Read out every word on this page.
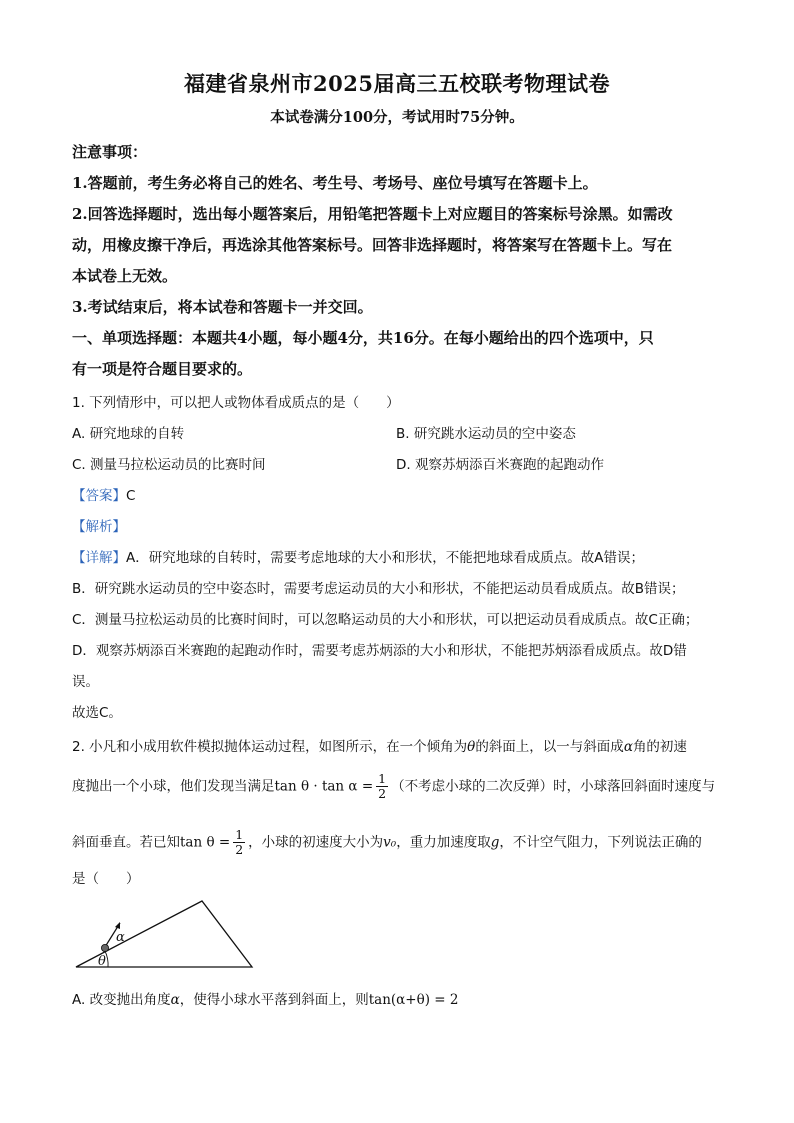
福建省泉州市2025届高三五校联考物理试卷
本试卷满分100分，考试用时75分钟。
注意事项：
1.答题前，考生务必将自己的姓名、考生号、考场号、座位号填写在答题卡上。
2.回答选择题时，选出每小题答案后，用铅笔把答题卡上对应题目的答案标号涂黑。如需改
动，用橡皮擦干净后，再选涂其他答案标号。回答非选择题时，将答案写在答题卡上。写在
本试卷上无效。
3.考试结束后，将本试卷和答题卡一并交回。
一、单项选择题：本题共4小题，每小题4分，共16分。在每小题给出的四个选项中，只
有一项是符合题目要求的。
1. 下列情形中，可以把人或物体看成质点的是（　　）
A. 研究地球的自转	B. 研究跳水运动员的空中姿态
C. 测量马拉松运动员的比赛时间	D. 观察苏炳添百米赛跑的起跑动作
【答案】C
【解析】
【详解】A．研究地球的自转时，需要考虑地球的大小和形状，不能把地球看成质点。故A错误；
B．研究跳水运动员的空中姿态时，需要考虑运动员的大小和形状，不能把运动员看成质点。故B错误；
C．测量马拉松运动员的比赛时间时，可以忽略运动员的大小和形状，可以把运动员看成质点。故C正确；
D．观察苏炳添百米赛跑的起跑动作时，需要考虑苏炳添的大小和形状，不能把苏炳添看成质点。故D错
误。
故选C。
2. 小凡和小成用软件模拟抛体运动过程，如图所示，在一个倾角为θ的斜面上，以一与斜面成α角的初速
度抛出一个小球，他们发现当满足$\tan \theta \cdot \tan \alpha = \frac{1}{2}$ （不考虑小球的二次反弹）时，小球落回斜面时速度与
斜面垂直。若已知$\tan \theta = \frac{1}{2}$ ，小球的初速度大小为v₀，重力加速度取g，不计空气阻力，下列说法正确的
是（　　）
α
θ
A. 改变抛出角度α，使得小球水平落到斜面上，则tan(α+θ) = 2
